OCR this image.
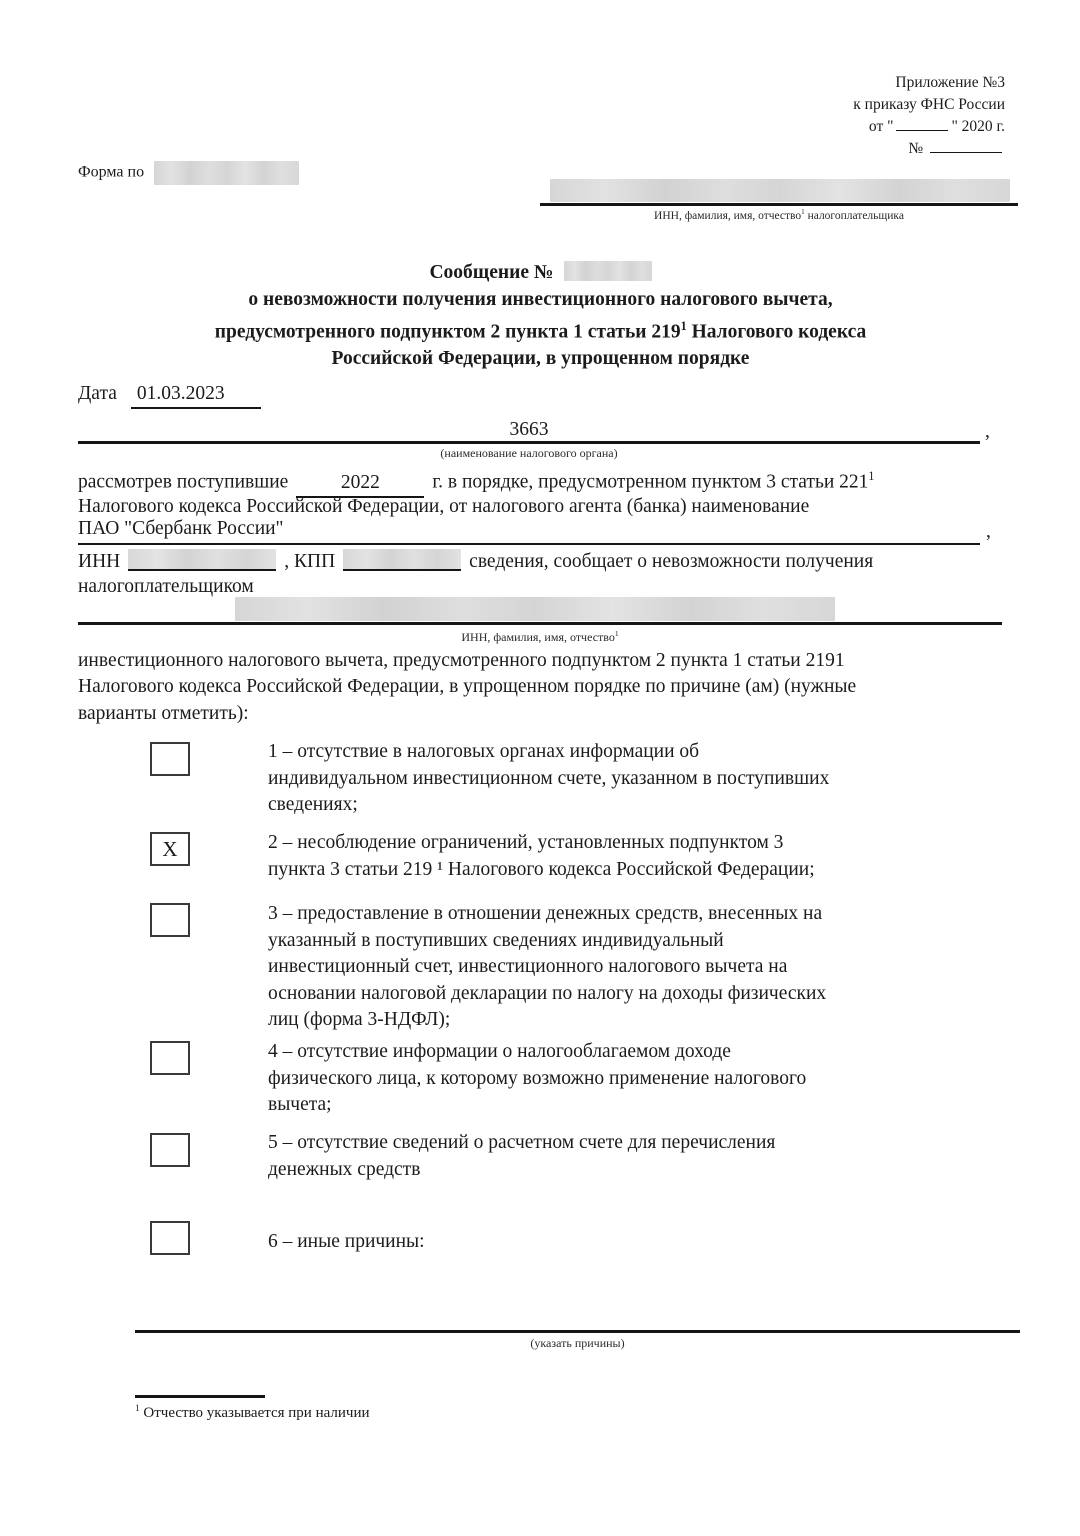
Приложение №3
к приказу ФНС России
от "	" 2020 г.
№
Форма по
ИНН, фамилия, имя, отчество$^1$ налогоплательщика
Сообщение №
о невозможности получения инвестиционного налогового вычета,
предусмотренного подпунктом 2 пункта 1 статьи $219^1$ Налогового кодекса
Российской Федерации, в упрощенном порядке
Дата 01.03.2023
3663	,
(наименование налогового органа)
рассмотрев поступившие	2022	г. в порядке, предусмотренном пунктом 3 статьи $221^1$
Налогового кодекса Российской Федерации, от налогового агента (банка) наименование
ПАО "Сбербанк России"	,
ИНН	, КПП	сведения, сообщает о невозможности получения
налогоплательщиком
ИНН, фамилия, имя, отчество$^1$
инвестиционного налогового вычета, предусмотренного подпунктом 2 пункта 1 статьи 2191
Налогового кодекса Российской Федерации, в упрощенном порядке по причине (ам) (нужные
варианты отметить):
1 – отсутствие в налоговых органах информации об
индивидуальном инвестиционном счете, указанном в поступивших
сведениях;
X	2 – несоблюдение ограничений, установленных подпунктом 3
пункта 3 статьи 219 ¹ Налогового кодекса Российской Федерации;
3 – предоставление в отношении денежных средств, внесенных на
указанный в поступивших сведениях индивидуальный
инвестиционный счет, инвестиционного налогового вычета на
основании налоговой декларации по налогу на доходы физических
лиц (форма 3-НДФЛ);
4 – отсутствие информации о налогооблагаемом доходе
физического лица, к которому возможно применение налогового
вычета;
5 – отсутствие сведений о расчетном счете для перечисления
денежных средств
6 – иные причины:
(указать причины)
$^1$ Отчество указывается при наличии
